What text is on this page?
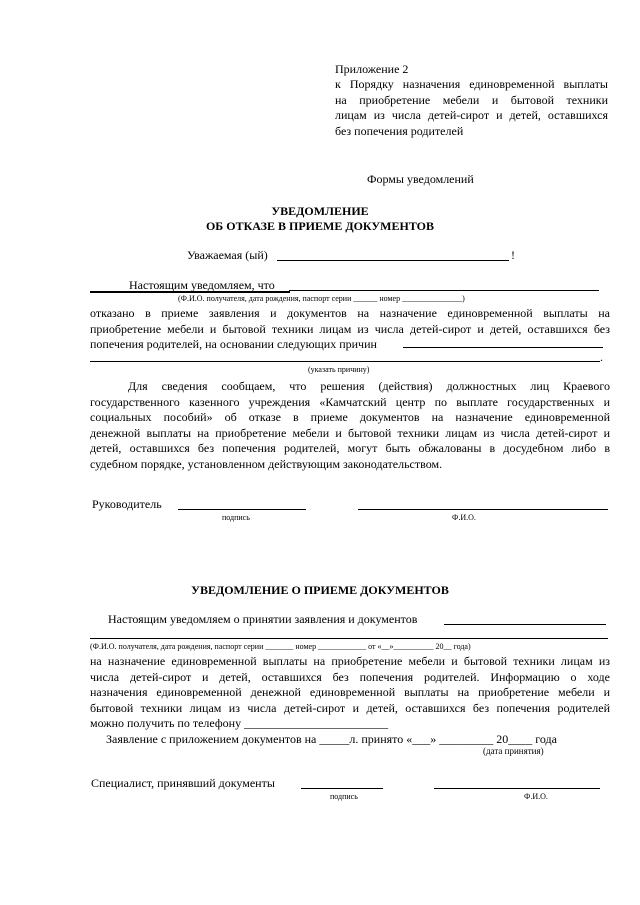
Приложение 2
к Порядку назначения единовременной выплаты
на приобретение мебели и бытовой техники
лицам из числа детей-сирот и детей, оставшихся
без попечения родителей
Формы уведомлений
УВЕДОМЛЕНИЕ
ОБ ОТКАЗЕ В ПРИЕМЕ ДОКУМЕНТОВ
Уважаемая (ый)	!
Настоящим уведомляем, что
(Ф.И.О. получателя, дата рождения, паспорт серии ______ номер _______________)
отказано в приеме заявления и документов на назначение единовременной выплаты на
приобретение мебели и бытовой техники лицам из числа детей-сирот и детей, оставшихся без
попечения родителей, на основании следующих причин
.
(указать причину)
Для сведения сообщаем, что решения (действия) должностных лиц Краевого
государственного казенного учреждения «Камчатский центр по выплате государственных и
социальных пособий» об отказе в приеме документов на назначение единовременной
денежной выплаты на приобретение мебели и бытовой техники лицам из числа детей-сирот и
детей, оставшихся без попечения родителей, могут быть обжалованы в досудебном либо в
судебном порядке, установленном действующим законодательством.
Руководитель
подпись	Ф.И.О.
УВЕДОМЛЕНИЕ О ПРИЕМЕ ДОКУМЕНТОВ
Настоящим уведомляем о принятии заявления и документов
(Ф.И.О. получателя, дата рождения, паспорт серии _______ номер ____________ от «__»__________ 20__ года)
на назначение единовременной выплаты на приобретение мебели и бытовой техники лицам из
числа детей-сирот и детей, оставшихся без попечения родителей. Информацию о ходе
назначения единовременной денежной единовременной выплаты на приобретение мебели и
бытовой техники лицам из числа детей-сирот и детей, оставшихся без попечения родителей
можно получить по телефону ________________________
Заявление с приложением документов на _____л. принято «___» _________ 20____ года
(дата принятия)
Специалист, принявший документы
подпись	Ф.И.О.
